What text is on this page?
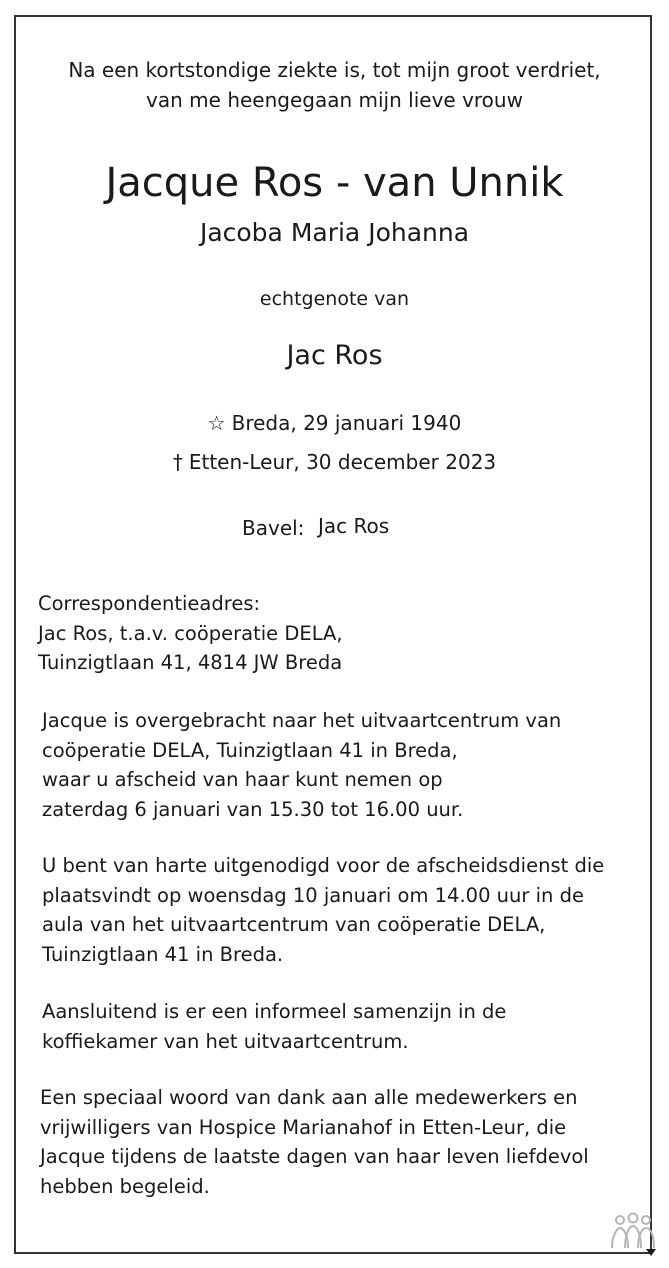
Na een kortstondige ziekte is, tot mijn groot verdriet,
van me heengegaan mijn lieve vrouw
Jacque Ros - van Unnik
Jacoba Maria Johanna
echtgenote van
Jac Ros
☆ Breda, 29 januari 1940
† Etten-Leur, 30 december 2023
Bavel: Jac Ros
Correspondentieadres:
Jac Ros, t.a.v. coöperatie DELA,
Tuinzigtlaan 41, 4814 JW Breda
Jacque is overgebracht naar het uitvaartcentrum van
coöperatie DELA, Tuinzigtlaan 41 in Breda,
waar u afscheid van haar kunt nemen op
zaterdag 6 januari van 15.30 tot 16.00 uur.
U bent van harte uitgenodigd voor de afscheidsdienst die
plaatsvindt op woensdag 10 januari om 14.00 uur in de
aula van het uitvaartcentrum van coöperatie DELA,
Tuinzigtlaan 41 in Breda.
Aansluitend is er een informeel samenzijn in de
koffiekamer van het uitvaartcentrum.
Een speciaal woord van dank aan alle medewerkers en
vrijwilligers van Hospice Marianahof in Etten-Leur, die
Jacque tijdens de laatste dagen van haar leven liefdevol
hebben begeleid.
